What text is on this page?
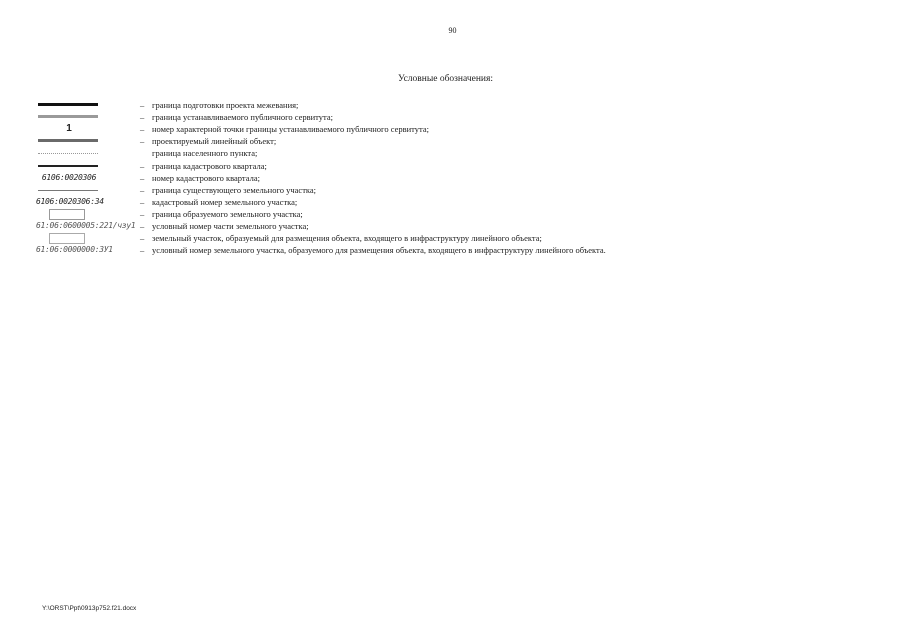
90
Условные обозначения:
– граница подготовки проекта межевания;
– граница устанавливаемого публичного сервитута;
1	– номер характерной точки границы устанавливаемого публичного сервитута;
– проектируемый линейный объект;
граница населенного пункта;
– граница кадастрового квартала;
6106:0020306	– номер кадастрового квартала;
– граница существующего земельного участка;
6106:0020306:34	– кадастровый номер земельного участка;
– граница образуемого земельного участка;
61:06:0600005:221/чзу1 – условный номер части земельного участка;
– земельный участок, образуемый для размещения объекта, входящего в инфраструктуру линейного объекта;
61:06:0000000:3У1	– условный номер земельного участка, образуемого для размещения объекта, входящего в инфраструктуру линейного объекта.
Y:\ORST\Ppt\0913p752.f21.docx
